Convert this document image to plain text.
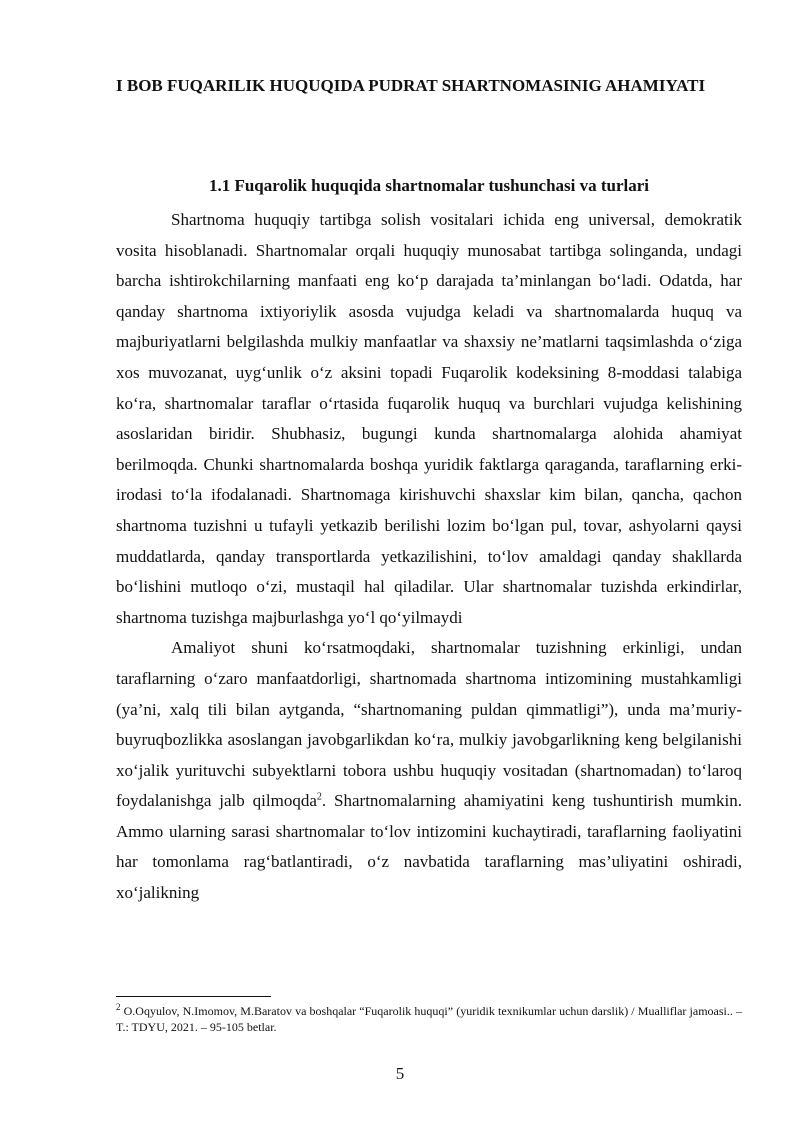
I BOB FUQARILIK HUQUQIDA PUDRAT SHARTNOMASINIG AHAMIYATI

1.1 Fuqarolik huquqida shartnomalar tushunchasi va turlari

Shartnoma huquqiy tartibga solish vositalari ichida eng universal, demokratik vosita hisoblanadi. Shartnomalar orqali huquqiy munosabat tartibga solinganda, undagi barcha ishtirokchilarning manfaati eng ko‘p darajada ta’minlangan bo‘ladi. Odatda, har qanday shartnoma ixtiyoriylik asosda vujudga keladi va shartnomalarda huquq va majburiyatlarni belgilashda mulkiy manfaatlar va shaxsiy ne’matlarni taqsimlashda o‘ziga xos muvozanat, uyg‘unlik o‘z aksini topadi Fuqarolik kodeksining 8-moddasi talabiga ko‘ra, shartnomalar taraflar o‘rtasida fuqarolik huquq va burchlari vujudga kelishining asoslaridan biridir. Shubhasiz, bugungi kunda shartnomalarga alohida ahamiyat berilmoqda. Chunki shartnomalarda boshqa yuridik faktlarga qaraganda, taraflarning erki-irodasi to‘la ifodalanadi. Shartnomaga kirishuvchi shaxslar kim bilan, qancha, qachon shartnoma tuzishni u tufayli yetkazib berilishi lozim bo‘lgan pul, tovar, ashyolarni qaysi muddatlarda, qanday transportlarda yetkazilishini, to‘lov amaldagi qanday shakllarda bo‘lishini mutloqo o‘zi, mustaqil hal qiladilar. Ular shartnomalar tuzishda erkindirlar, shartnoma tuzishga majburlashga yo‘l qo‘yilmaydi

Amaliyot shuni ko‘rsatmoqdaki, shartnomalar tuzishning erkinligi, undan taraflarning o‘zaro manfaatdorligi, shartnomada shartnoma intizomining mustahkamligi (ya’ni, xalq tili bilan aytganda, “shartnomaning puldan qimmatligi”), unda ma’muriy-buyruqbozlikka asoslangan javobgarlikdan ko‘ra, mulkiy javobgarlikning keng belgilanishi xo‘jalik yurituvchi subyektlarni tobora ushbu huquqiy vositadan (shartnomadan) to‘laroq foydalanishga jalb qilmoqda$^2$. Shartnomalarning ahamiyatini keng tushuntirish mumkin. Ammo ularning sarasi shartnomalar to‘lov intizomini kuchaytiradi, taraflarning faoliyatini har tomonlama rag‘batlantiradi, o‘z navbatida taraflarning mas’uliyatini oshiradi, xo‘jalikning

$^2$ O.Oqyulov, N.Imomov, M.Baratov va boshqalar “Fuqarolik huquqi” (yuridik texnikumlar uchun darslik) / Mualliflar jamoasi.. – T.: TDYU, 2021. – 95-105 betlar.

5
